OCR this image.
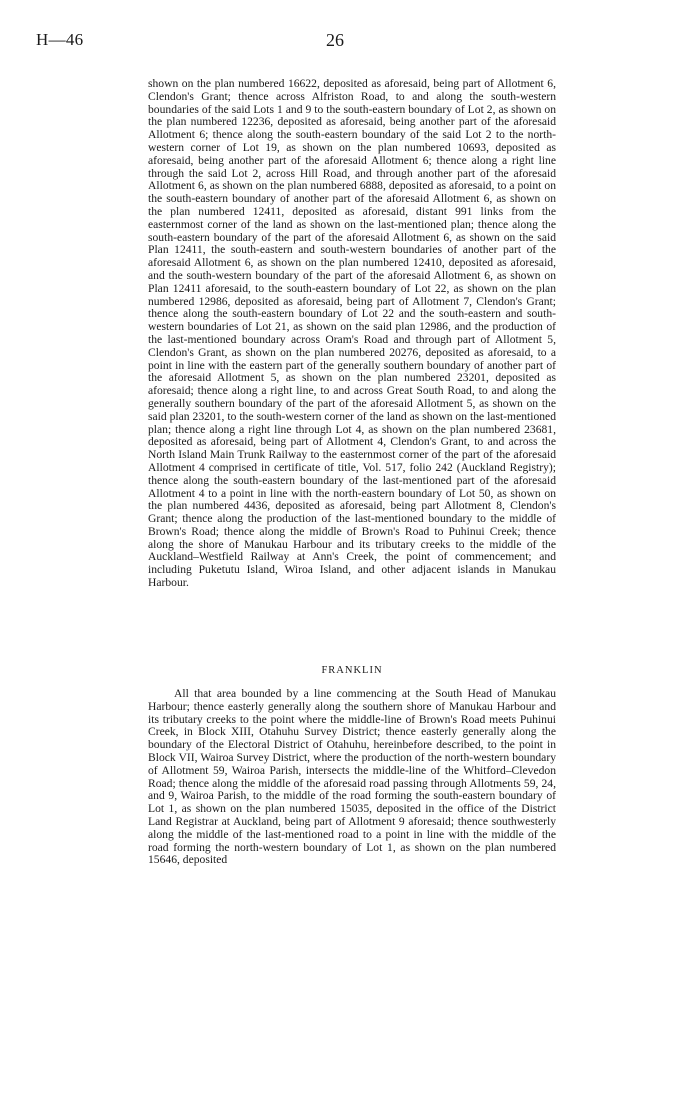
H—46	26

shown on the plan numbered 16622, deposited as aforesaid, being part of Allotment 6, Clendon's Grant; thence across Alfriston Road, to and along the south-western boundaries of the said Lots 1 and 9 to the south-eastern boundary of Lot 2, as shown on the plan numbered 12236, deposited as aforesaid, being another part of the aforesaid Allotment 6; thence along the south-eastern boundary of the said Lot 2 to the north-western corner of Lot 19, as shown on the plan numbered 10693, deposited as aforesaid, being another part of the aforesaid Allotment 6; thence along a right line through the said Lot 2, across Hill Road, and through another part of the aforesaid Allotment 6, as shown on the plan numbered 6888, deposited as aforesaid, to a point on the south-eastern boundary of another part of the aforesaid Allotment 6, as shown on the plan numbered 12411, deposited as aforesaid, distant 991 links from the easternmost corner of the land as shown on the last-mentioned plan; thence along the south-eastern boundary of the part of the aforesaid Allotment 6, as shown on the said Plan 12411, the south-eastern and south-western boundaries of another part of the aforesaid Allotment 6, as shown on the plan numbered 12410, deposited as aforesaid, and the south-western boundary of the part of the aforesaid Allotment 6, as shown on Plan 12411 aforesaid, to the south-eastern boundary of Lot 22, as shown on the plan numbered 12986, deposited as aforesaid, being part of Allotment 7, Clendon's Grant; thence along the south-eastern boundary of Lot 22 and the south-eastern and south-western boundaries of Lot 21, as shown on the said plan 12986, and the production of the last-mentioned boundary across Oram's Road and through part of Allotment 5, Clendon's Grant, as shown on the plan numbered 20276, deposited as aforesaid, to a point in line with the eastern part of the generally southern boundary of another part of the aforesaid Allotment 5, as shown on the plan numbered 23201, deposited as aforesaid; thence along a right line, to and across Great South Road, to and along the generally southern boundary of the part of the aforesaid Allotment 5, as shown on the said plan 23201, to the south-western corner of the land as shown on the last-mentioned plan; thence along a right line through Lot 4, as shown on the plan numbered 23681, deposited as aforesaid, being part of Allotment 4, Clendon's Grant, to and across the North Island Main Trunk Railway to the easternmost corner of the part of the aforesaid Allotment 4 comprised in certificate of title, Vol. 517, folio 242 (Auckland Registry); thence along the south-eastern boundary of the last-mentioned part of the aforesaid Allotment 4 to a point in line with the north-eastern boundary of Lot 50, as shown on the plan numbered 4436, deposited as aforesaid, being part Allotment 8, Clendon's Grant; thence along the production of the last-mentioned boundary to the middle of Brown's Road; thence along the middle of Brown's Road to Puhinui Creek; thence along the shore of Manukau Harbour and its tributary creeks to the middle of the Auckland–Westfield Railway at Ann's Creek, the point of commencement; and including Puketutu Island, Wiroa Island, and other adjacent islands in Manukau Harbour.

FRANKLIN

All that area bounded by a line commencing at the South Head of Manukau Harbour; thence easterly generally along the southern shore of Manukau Harbour and its tributary creeks to the point where the middle-line of Brown's Road meets Puhinui Creek, in Block XIII, Otahuhu Survey District; thence easterly generally along the boundary of the Electoral District of Otahuhu, hereinbefore described, to the point in Block VII, Wairoa Survey District, where the production of the north-western boundary of Allotment 59, Wairoa Parish, intersects the middle-line of the Whitford–Clevedon Road; thence along the middle of the aforesaid road passing through Allotments 59, 24, and 9, Wairoa Parish, to the middle of the road forming the south-eastern boundary of Lot 1, as shown on the plan numbered 15035, deposited in the office of the District Land Registrar at Auckland, being part of Allotment 9 aforesaid; thence southwesterly along the middle of the last-mentioned road to a point in line with the middle of the road forming the north-western boundary of Lot 1, as shown on the plan numbered 15646, deposited
